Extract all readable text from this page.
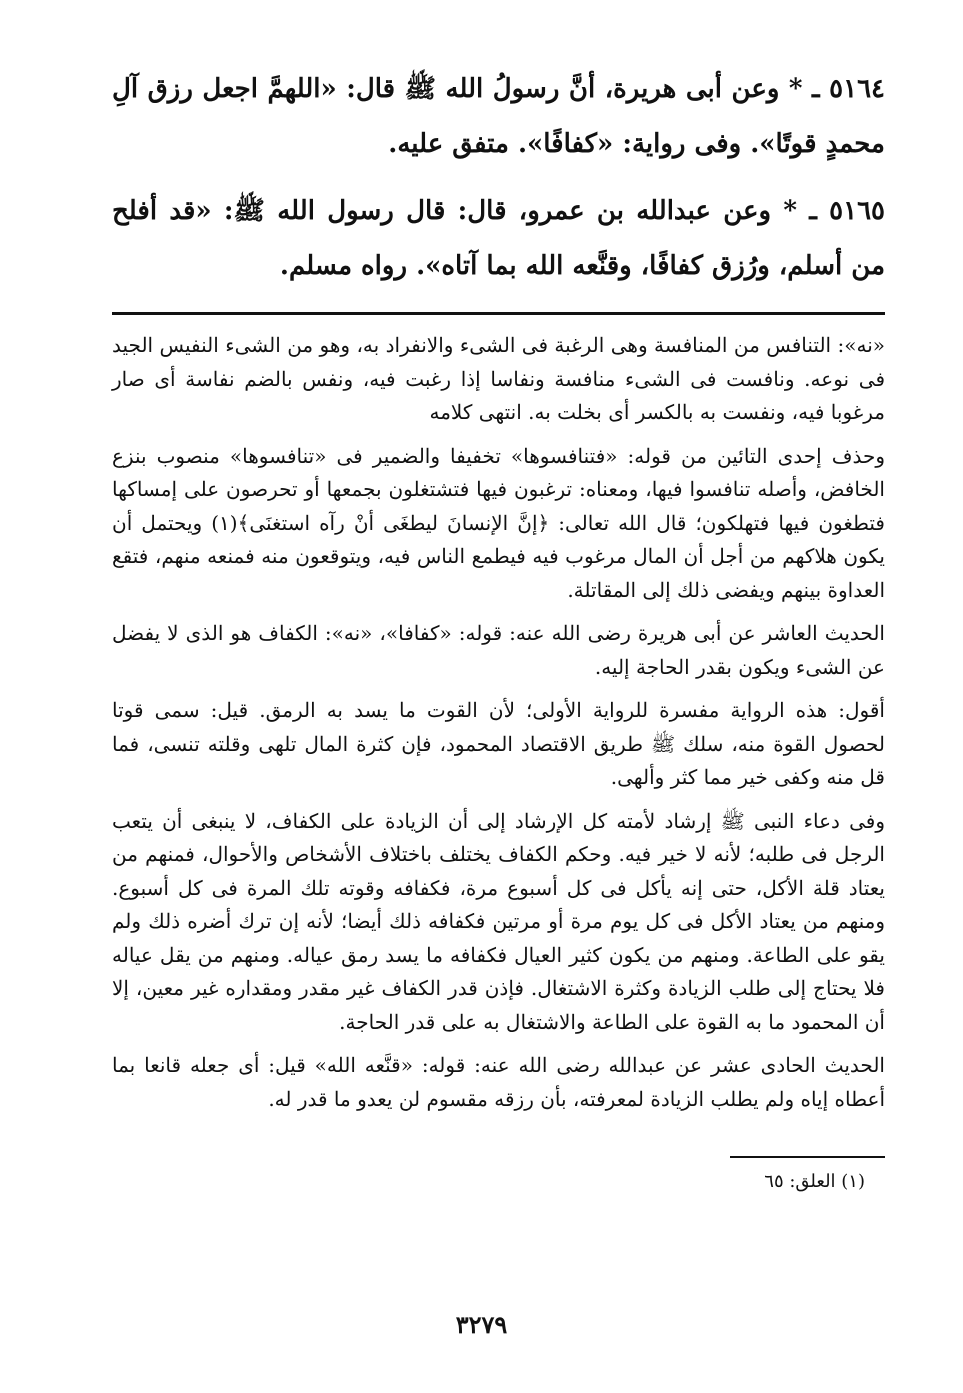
٥١٦٤ ـ * وعن أبى هريرة، أنَّ رسولُ الله ﷺ قال: «اللهمَّ اجعل رزق آلِ محمدٍ قوتًا». وفى رواية: «كفافًا». متفق عليه.

٥١٦٥ ـ * وعن عبدالله بن عمرو، قال: قال رسول الله ﷺ: «قد أفلح من أسلم، ورُزق كفافًا، وقنَّعه الله بما آتاه». رواه مسلم.

«نه»: التنافس من المنافسة وهى الرغبة فى الشىء والانفراد به، وهو من الشىء النفيس الجيد فى نوعه. ونافست فى الشىء منافسة ونفاسا إذا رغبت فيه، ونفس بالضم نفاسة أى صار مرغوبا فيه، ونفست به بالكسر أى بخلت به. انتهى كلامه

وحذف إحدى التائين من قوله: «فتنافسوها» تخفيفا والضمير فى «تنافسوها» منصوب بنزع الخافض، وأصله تنافسوا فيها، ومعناه: ترغبون فيها فتشتغلون بجمعها أو تحرصون على إمساكها فتطغون فيها فتهلكون؛ قال الله تعالى: ﴿إنَّ الإنسانَ ليطغَى أنْ رآه استغنَى﴾(١) ويحتمل أن يكون هلاكهم من أجل أن المال مرغوب فيه فيطمع الناس فيه، ويتوقعون منه فمنعه منهم، فتقع العداوة بينهم ويفضى ذلك إلى المقاتلة.

الحديث العاشر عن أبى هريرة رضى الله عنه: قوله: «كفافا»، «نه»: الكفاف هو الذى لا يفضل عن الشىء ويكون بقدر الحاجة إليه.

أقول: هذه الرواية مفسرة للرواية الأولى؛ لأن القوت ما يسد به الرمق. قيل: سمى قوتا لحصول القوة منه، سلك ﷺ طريق الاقتصاد المحمود، فإن كثرة المال تلهى وقلته تنسى، فما قل منه وكفى خير مما كثر وألهى.

وفى دعاء النبى ﷺ إرشاد لأمته كل الإرشاد إلى أن الزيادة على الكفاف، لا ينبغى أن يتعب الرجل فى طلبه؛ لأنه لا خير فيه. وحكم الكفاف يختلف باختلاف الأشخاص والأحوال، فمنهم من يعتاد قلة الأكل، حتى إنه يأكل فى كل أسبوع مرة، فكفافه وقوته تلك المرة فى كل أسبوع. ومنهم من يعتاد الأكل فى كل يوم مرة أو مرتين فكفافه ذلك أيضا؛ لأنه إن ترك أضره ذلك ولم يقو على الطاعة. ومنهم من يكون كثير العيال فكفافه ما يسد رمق عياله. ومنهم من يقل عياله فلا يحتاج إلى طلب الزيادة وكثرة الاشتغال. فإذن قدر الكفاف غير مقدر ومقداره غير معين، إلا أن المحمود ما به القوة على الطاعة والاشتغال به على قدر الحاجة.

الحديث الحادى عشر عن عبدالله رضى الله عنه: قوله: «قنَّعه الله» قيل: أى جعله قانعا بما أعطاه إياه ولم يطلب الزيادة لمعرفته، بأن رزقه مقسوم لن يعدو ما قدر له.

(١) العلق: ٦٥

٣٢٧٩
